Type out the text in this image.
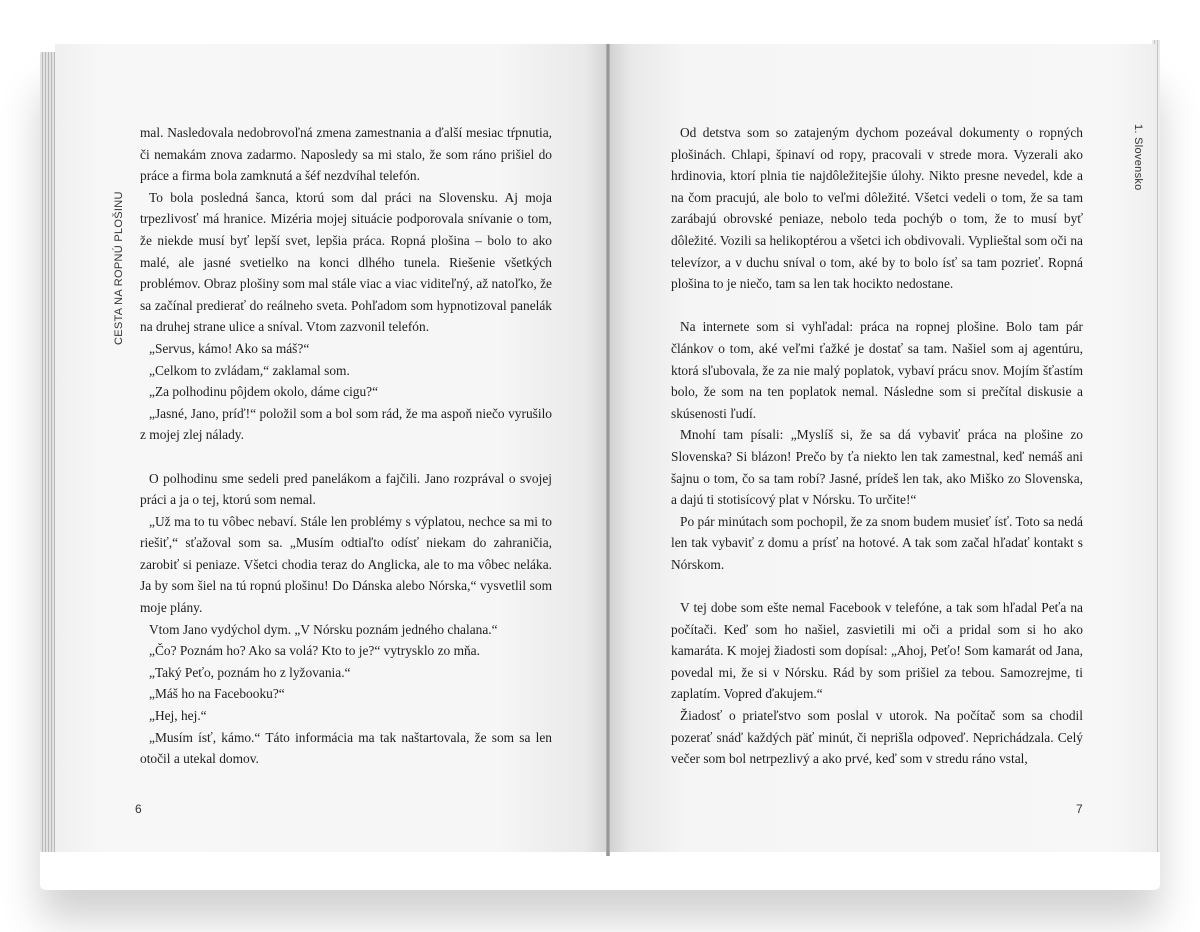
CESTA NA ROPNÚ PLOŠINU

mal. Nasledovala nedobrovoľná zmena zamestnania a ďalší mesiac tŕpnutia, či nemakám znova zadarmo. Naposledy sa mi stalo, že som ráno prišiel do práce a firma bola zamknutá a šéf nezdvíhal telefón.

To bola posledná šanca, ktorú som dal práci na Slovensku. Aj moja trpezlivosť má hranice. Mizéria mojej situácie podporovala snívanie o tom, že niekde musí byť lepší svet, lepšia práca. Ropná plošina – bolo to ako malé, ale jasné svetielko na konci dlhého tunela. Riešenie všetkých problémov. Obraz plošiny som mal stále viac a viac viditeľný, až natoľko, že sa začínal predierať do reálneho sveta. Pohľadom som hypnotizoval panelák na druhej strane ulice a sníval. Vtom zazvonil telefón.

„Servus, kámo! Ako sa máš?“

„Celkom to zvládam,“ zaklamal som.

„Za polhodinu pôjdem okolo, dáme cigu?“

„Jasné, Jano, príď!“ položil som a bol som rád, že ma aspoň niečo vyrušilo z mojej zlej nálady.

O polhodinu sme sedeli pred panelákom a fajčili. Jano rozprával o svojej práci a ja o tej, ktorú som nemal.

„Už ma to tu vôbec nebaví. Stále len problémy s výplatou, nechce sa mi to riešiť,“ sťažoval som sa. „Musím odtiaľto odísť niekam do zahraničia, zarobiť si peniaze. Všetci chodia teraz do Anglicka, ale to ma vôbec neláka. Ja by som šiel na tú ropnú plošinu! Do Dánska alebo Nórska,“ vysvetlil som moje plány.

Vtom Jano vydýchol dym. „V Nórsku poznám jedného chalana.“

„Čo? Poznám ho? Ako sa volá? Kto to je?“ vytrysklo zo mňa.

„Taký Peťo, poznám ho z lyžovania.“

„Máš ho na Facebooku?“

„Hej, hej.“

„Musím ísť, kámo.“ Táto informácia ma tak naštartovala, že som sa len otočil a utekal domov.

6
1. Slovensko

Od detstva som so zatajeným dychom pozeával dokumenty o ropných plošinách. Chlapi, špinaví od ropy, pracovali v strede mora. Vyzerali ako hrdinovia, ktorí plnia tie najdôležitejšie úlohy. Nikto presne nevedel, kde a na čom pracujú, ale bolo to veľmi dôležité. Všetci vedeli o tom, že sa tam zarábajú obrovské peniaze, nebolo teda pochýb o tom, že to musí byť dôležité. Vozili sa helikoptérou a všetci ich obdivovali. Vyplieštal som oči na televízor, a v duchu sníval o tom, aké by to bolo ísť sa tam pozrieť. Ropná plošina to je niečo, tam sa len tak hocikto nedostane.

Na internete som si vyhľadal: práca na ropnej plošine. Bolo tam pár článkov o tom, aké veľmi ťažké je dostať sa tam. Našiel som aj agentúru, ktorá sľubovala, že za nie malý poplatok, vybaví prácu snov. Mojím šťastím bolo, že som na ten poplatok nemal. Následne som si prečítal diskusie a skúsenosti ľudí.

Mnohí tam písali: „Myslíš si, že sa dá vybaviť práca na plošine zo Slovenska? Si blázon! Prečo by ťa niekto len tak zamestnal, keď nemáš ani šajnu o tom, čo sa tam robí? Jasné, prídeš len tak, ako Miško zo Slovenska, a dajú ti stotisícový plat v Nórsku. To určite!“

Po pár minútach som pochopil, že za snom budem musieť ísť. Toto sa nedá len tak vybaviť z domu a prísť na hotové. A tak som začal hľadať kontakt s Nórskom.

V tej dobe som ešte nemal Facebook v telefóne, a tak som hľadal Peťa na počítači. Keď som ho našiel, zasvietili mi oči a pridal som si ho ako kamaráta. K mojej žiadosti som dopísal: „Ahoj, Peťo! Som kamarát od Jana, povedal mi, že si v Nórsku. Rád by som prišiel za tebou. Samozrejme, ti zaplatím. Vopred ďakujem.“

Žiadosť o priateľstvo som poslal v utorok. Na počítač som sa chodil pozerať snáď každých päť minút, či neprišla odpoveď. Neprichádzala. Celý večer som bol netrpezlivý a ako prvé, keď som v stredu ráno vstal,

7
